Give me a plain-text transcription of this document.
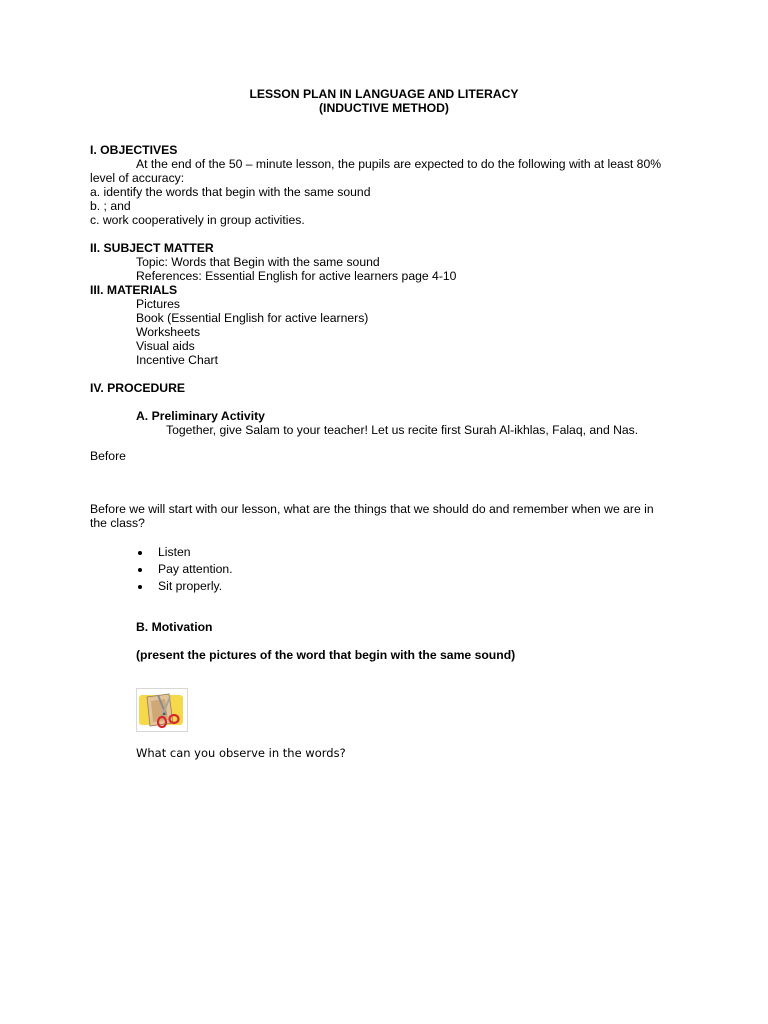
LESSON PLAN IN LANGUAGE AND LITERACY
(INDUCTIVE METHOD)
I. OBJECTIVES
At the end of the 50 – minute lesson, the pupils are expected to do the following with at least 80%
level of accuracy:
a. identify the words that begin with the same sound
b. ; and
c. work cooperatively in group activities.
II. SUBJECT MATTER
Topic: Words that Begin with the same sound
References: Essential English for active learners page 4-10
III. MATERIALS
Pictures
Book (Essential English for active learners)
Worksheets
Visual aids
Incentive Chart
IV. PROCEDURE
A. Preliminary Activity
Together, give Salam to your teacher! Let us recite first Surah Al-ikhlas, Falaq, and Nas.
Before
Before we will start with our lesson, what are the things that we should do and remember when we are in
the class?
Listen
Pay attention.
Sit properly.
B. Motivation
(present the pictures of the word that begin with the same sound)
What can you observe in the words?
